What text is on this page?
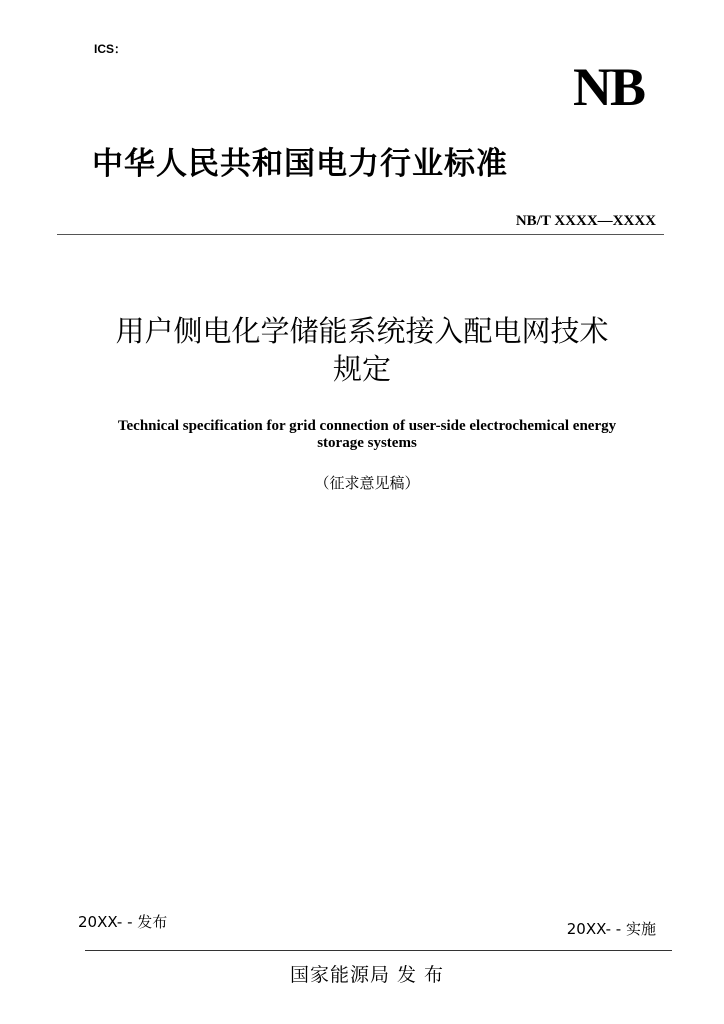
ICS：
NB
中华人民共和国电力行业标准
NB/T XXXX—XXXX
用户侧电化学储能系统接入配电网技术
规定
Technical specification for grid connection of user-side electrochemical energy
storage systems
（征求意见稿）
20XX- - 发布	20XX- - 实施
国家能源局 发 布
